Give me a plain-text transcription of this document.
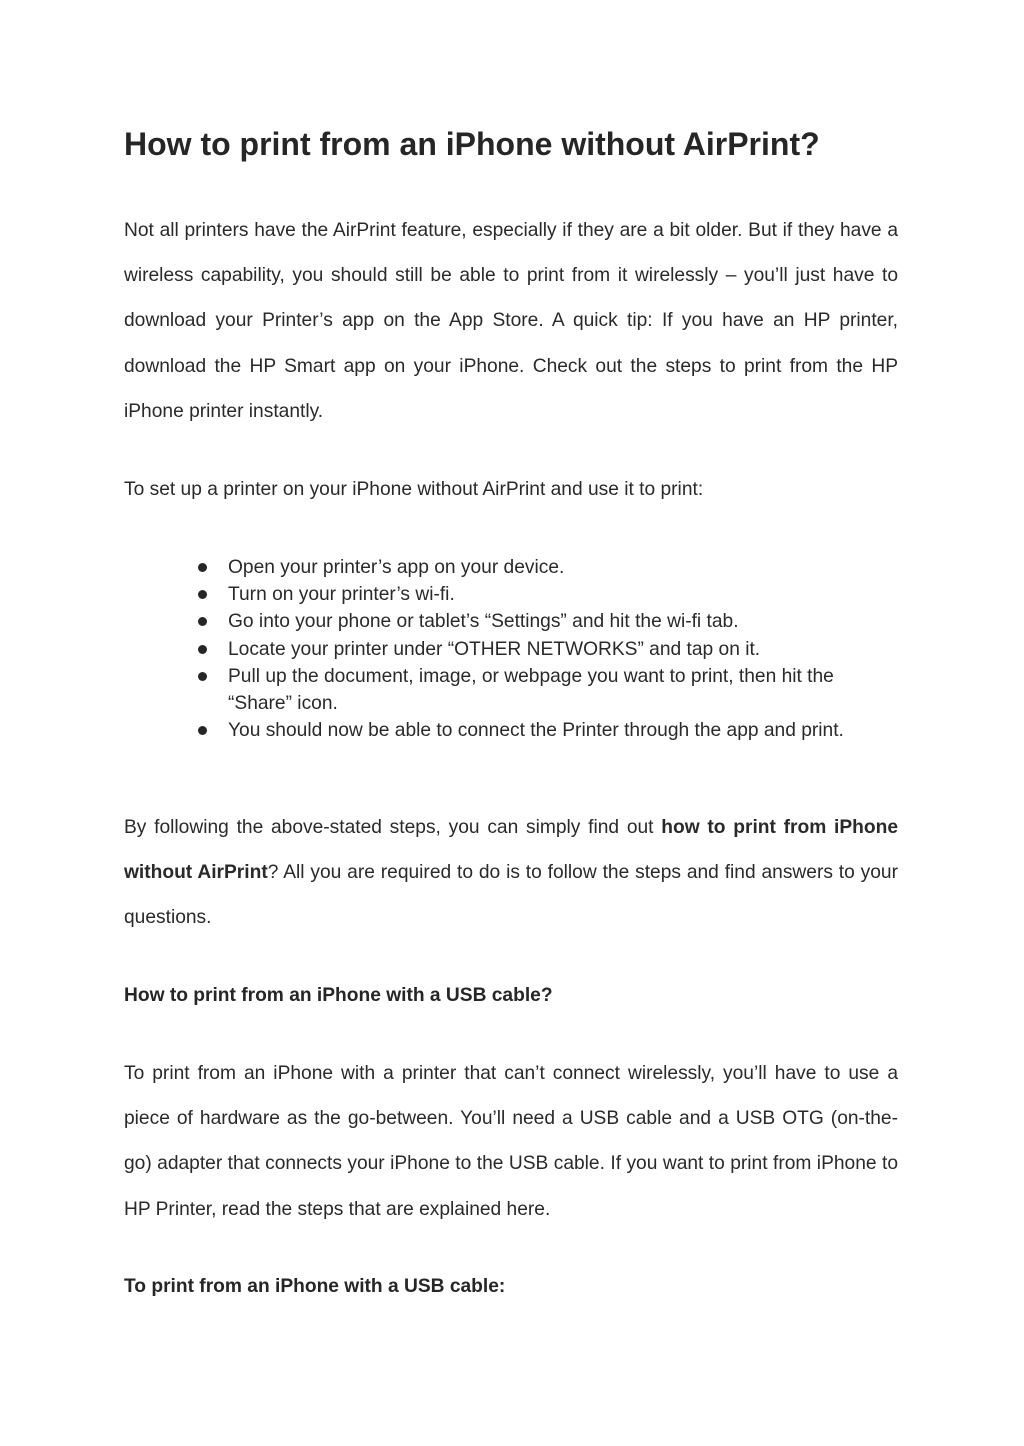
How to print from an iPhone without AirPrint?

Not all printers have the AirPrint feature, especially if they are a bit older. But if they have a wireless capability, you should still be able to print from it wirelessly – you’ll just have to download your Printer’s app on the App Store. A quick tip: If you have an HP printer, download the HP Smart app on your iPhone. Check out the steps to print from the HP iPhone printer instantly.

To set up a printer on your iPhone without AirPrint and use it to print:

Open your printer’s app on your device.
Turn on your printer’s wi-fi.
Go into your phone or tablet’s “Settings” and hit the wi-fi tab.
Locate your printer under “OTHER NETWORKS” and tap on it.
Pull up the document, image, or webpage you want to print, then hit the “Share” icon.
You should now be able to connect the Printer through the app and print.

By following the above-stated steps, you can simply find out how to print from iPhone without AirPrint? All you are required to do is to follow the steps and find answers to your questions.

How to print from an iPhone with a USB cable?

To print from an iPhone with a printer that can’t connect wirelessly, you’ll have to use a piece of hardware as the go-between. You’ll need a USB cable and a USB OTG (on-the-go) adapter that connects your iPhone to the USB cable. If you want to print from iPhone to HP Printer, read the steps that are explained here.

To print from an iPhone with a USB cable:
